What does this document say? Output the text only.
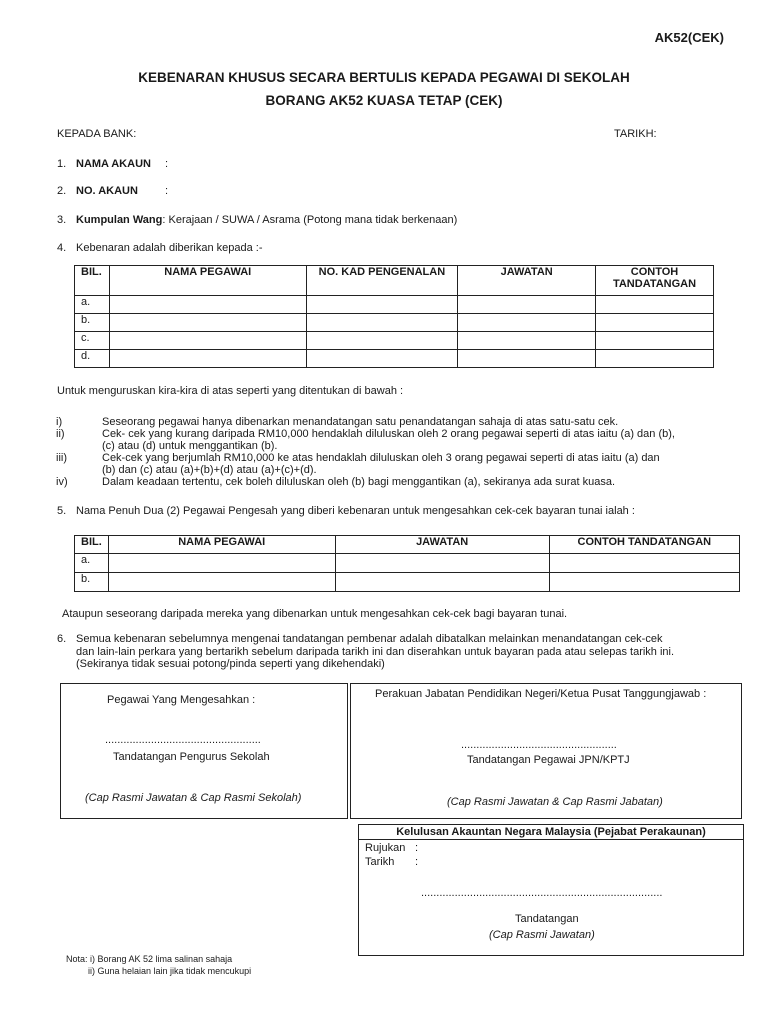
AK52(CEK)
KEBENARAN KHUSUS SECARA BERTULIS KEPADA PEGAWAI DI SEKOLAH
BORANG AK52 KUASA TETAP (CEK)
KEPADA BANK:	TARIKH:
1. NAMA AKAUN :
2. NO. AKAUN :
3. Kumpulan Wang: Kerajaan / SUWA / Asrama (Potong mana tidak berkenaan)
4. Kebenaran adalah diberikan kepada :-
BIL.	NAMA PEGAWAI	NO. KAD PENGENALAN	JAWATAN	CONTOH TANDATANGAN
a.				
b.				
c.				
d.				
Untuk menguruskan kira-kira di atas seperti yang ditentukan di bawah :
i)	Seseorang pegawai hanya dibenarkan menandatangan satu penandatangan sahaja di atas satu-satu cek.
ii)	Cek- cek yang kurang daripada RM10,000 hendaklah diluluskan oleh 2 orang pegawai seperti di atas iaitu (a) dan (b),
(c) atau (d) untuk menggantikan (b).
iii)	Cek-cek yang berjumlah RM10,000 ke atas hendaklah diluluskan oleh 3 orang pegawai seperti di atas iaitu (a) dan
(b) dan (c) atau (a)+(b)+(d) atau (a)+(c)+(d).
iv)	Dalam keadaan tertentu, cek boleh diluluskan oleh (b) bagi menggantikan (a), sekiranya ada surat kuasa.
5. Nama Penuh Dua (2) Pegawai Pengesah yang diberi kebenaran untuk mengesahkan cek-cek bayaran tunai ialah :
BIL.	NAMA PEGAWAI	JAWATAN	CONTOH TANDATANGAN
a.			
b.			
Ataupun seseorang daripada mereka yang dibenarkan untuk mengesahkan cek-cek bagi bayaran tunai.
6. Semua kebenaran sebelumnya mengenai tandatangan pembenar adalah dibatalkan melainkan menandatangan cek-cek
dan lain-lain perkara yang bertarikh sebelum daripada tarikh ini dan diserahkan untuk bayaran pada atau selepas tarikh ini.
(Sekiranya tidak sesuai potong/pinda seperti yang dikehendaki)
Pegawai Yang Mengesahkan :
...................................................
Tandatangan Pengurus Sekolah
(Cap Rasmi Jawatan & Cap Rasmi Sekolah)
Perakuan Jabatan Pendidikan Negeri/Ketua Pusat Tanggungjawab :
...................................................
Tandatangan Pegawai JPN/KPTJ
(Cap Rasmi Jawatan & Cap Rasmi Jabatan)
Kelulusan Akauntan Negara Malaysia (Pejabat Perakaunan)
Rujukan :
Tarikh :
...............................................................................
Tandatangan
(Cap Rasmi Jawatan)
Nota: i) Borang AK 52 lima salinan sahaja
ii) Guna helaian lain jika tidak mencukupi
